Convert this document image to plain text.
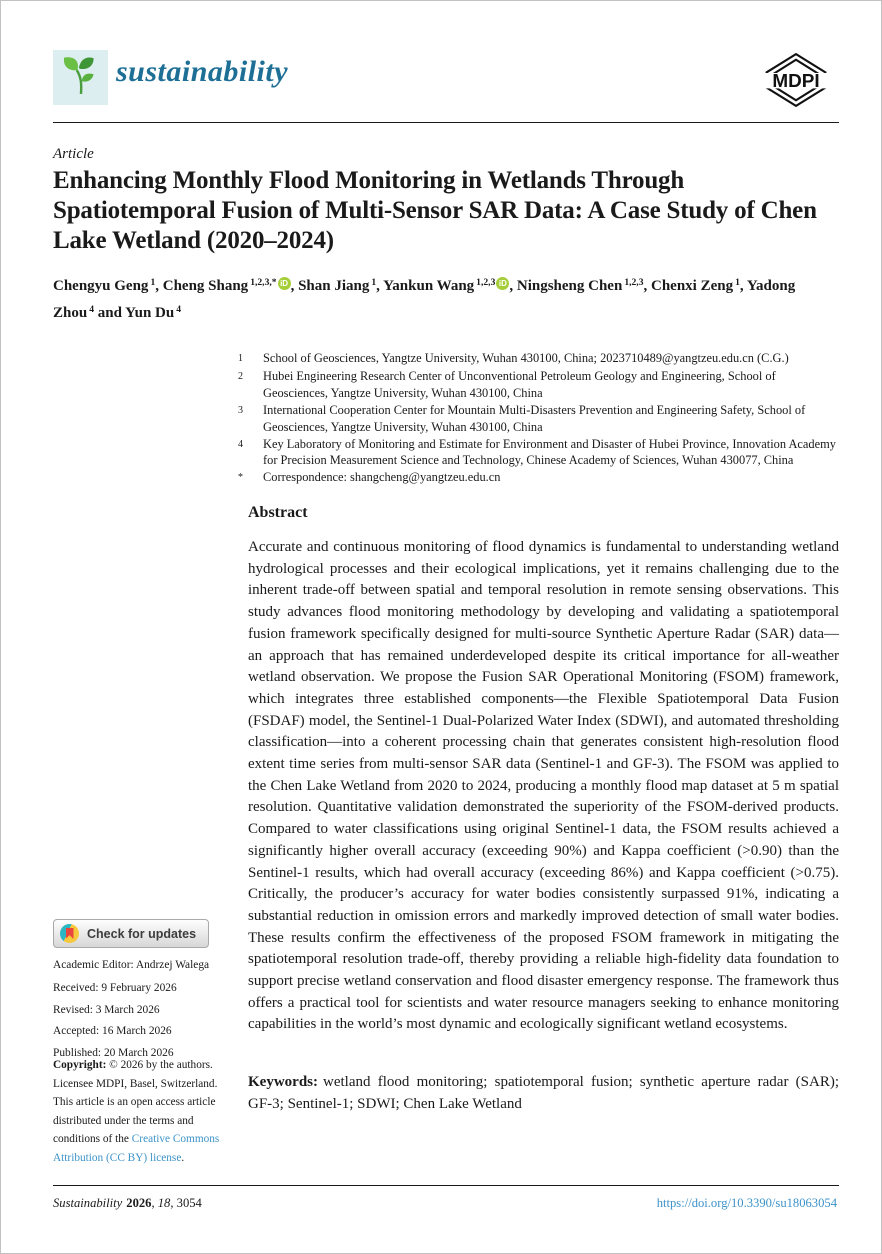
sustainability	MDPI
Article
Enhancing Monthly Flood Monitoring in Wetlands Through Spatiotemporal Fusion of Multi-Sensor SAR Data: A Case Study of Chen Lake Wetland (2020–2024)
Chengyu Geng $^1$, Cheng Shang $^{1,2,3,*}$ iD , Shan Jiang $^1$, Yankun Wang $^{1,2,3}$ iD , Ningsheng Chen $^{1,2,3}$, Chenxi Zeng $^1$, Yadong Zhou $^4$ and Yun Du $^4$
1	School of Geosciences, Yangtze University, Wuhan 430100, China; 2023710489@yangtzeu.edu.cn (C.G.)
2	Hubei Engineering Research Center of Unconventional Petroleum Geology and Engineering, School of Geosciences, Yangtze University, Wuhan 430100, China
3	International Cooperation Center for Mountain Multi-Disasters Prevention and Engineering Safety, School of Geosciences, Yangtze University, Wuhan 430100, China
4	Key Laboratory of Monitoring and Estimate for Environment and Disaster of Hubei Province, Innovation Academy for Precision Measurement Science and Technology, Chinese Academy of Sciences, Wuhan 430077, China
*	Correspondence: shangcheng@yangtzeu.edu.cn
Abstract
Accurate and continuous monitoring of flood dynamics is fundamental to understanding wetland hydrological processes and their ecological implications, yet it remains challenging due to the inherent trade-off between spatial and temporal resolution in remote sensing observations. This study advances flood monitoring methodology by developing and validating a spatiotemporal fusion framework specifically designed for multi-source Synthetic Aperture Radar (SAR) data—an approach that has remained underdeveloped despite its critical importance for all-weather wetland observation. We propose the Fusion SAR Operational Monitoring (FSOM) framework, which integrates three established components—the Flexible Spatiotemporal Data Fusion (FSDAF) model, the Sentinel-1 Dual-Polarized Water Index (SDWI), and automated thresholding classification—into a coherent processing chain that generates consistent high-resolution flood extent time series from multi-sensor SAR data (Sentinel-1 and GF-3). The FSOM was applied to the Chen Lake Wetland from 2020 to 2024, producing a monthly flood map dataset at 5 m spatial resolution. Quantitative validation demonstrated the superiority of the FSOM-derived products. Compared to water classifications using original Sentinel-1 data, the FSOM results achieved a significantly higher overall accuracy (exceeding 90%) and Kappa coefficient (>0.90) than the Sentinel-1 results, which had overall accuracy (exceeding 86%) and Kappa coefficient (>0.75). Critically, the producer’s accuracy for water bodies consistently surpassed 91%, indicating a substantial reduction in omission errors and markedly improved detection of small water bodies. These results confirm the effectiveness of the proposed FSOM framework in mitigating the spatiotemporal resolution trade-off, thereby providing a reliable high-fidelity data foundation to support precise wetland conservation and flood disaster emergency response. The framework thus offers a practical tool for scientists and water resource managers seeking to enhance monitoring capabilities in the world’s most dynamic and ecologically significant wetland ecosystems.
Keywords: wetland flood monitoring; spatiotemporal fusion; synthetic aperture radar (SAR); GF-3; Sentinel-1; SDWI; Chen Lake Wetland
Check for updates
Academic Editor: Andrzej Walega
Received: 9 February 2026
Revised: 3 March 2026
Accepted: 16 March 2026
Published: 20 March 2026
Copyright: © 2026 by the authors. Licensee MDPI, Basel, Switzerland. This article is an open access article distributed under the terms and conditions of the Creative Commons Attribution (CC BY) license.
Sustainability 2026, 18, 3054	https://doi.org/10.3390/su18063054
